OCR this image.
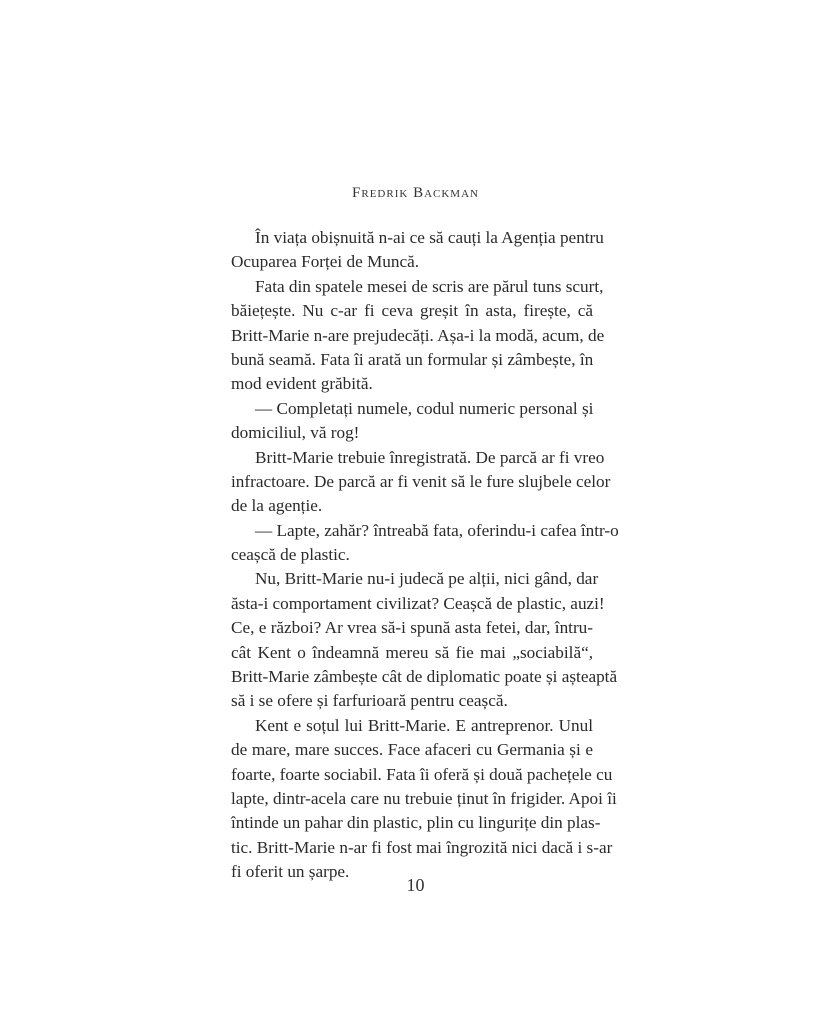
Fredrik Backman
În viața obișnuită n-ai ce să cauți la Agenția pentru
Ocuparea Forței de Muncă.
Fata din spatele mesei de scris are părul tuns scurt,
băiețește. Nu c-ar fi ceva greșit în asta, firește, că
Britt-Marie n-are prejudecăți. Așa-i la modă, acum, de
bună seamă. Fata îi arată un formular și zâmbește, în
mod evident grăbită.
— Completați numele, codul numeric personal și
domiciliul, vă rog!
Britt-Marie trebuie înregistrată. De parcă ar fi vreo
infractoare. De parcă ar fi venit să le fure slujbele celor
de la agenție.
— Lapte, zahăr? întreabă fata, oferindu-i cafea într-o
ceașcă de plastic.
Nu, Britt-Marie nu-i judecă pe alții, nici gând, dar
ăsta-i comportament civilizat? Ceașcă de plastic, auzi!
Ce, e război? Ar vrea să-i spună asta fetei, dar, întru-
cât Kent o îndeamnă mereu să fie mai „sociabilă“,
Britt-Marie zâmbește cât de diplomatic poate și așteaptă
să i se ofere și farfurioară pentru ceașcă.
Kent e soțul lui Britt-Marie. E antreprenor. Unul
de mare, mare succes. Face afaceri cu Germania și e
foarte, foarte sociabil. Fata îi oferă și două pachețele cu
lapte, dintr-acela care nu trebuie ținut în frigider. Apoi îi
întinde un pahar din plastic, plin cu lingurițe din plas-
tic. Britt-Marie n-ar fi fost mai îngrozită nici dacă i s-ar
fi oferit un șarpe.
10
